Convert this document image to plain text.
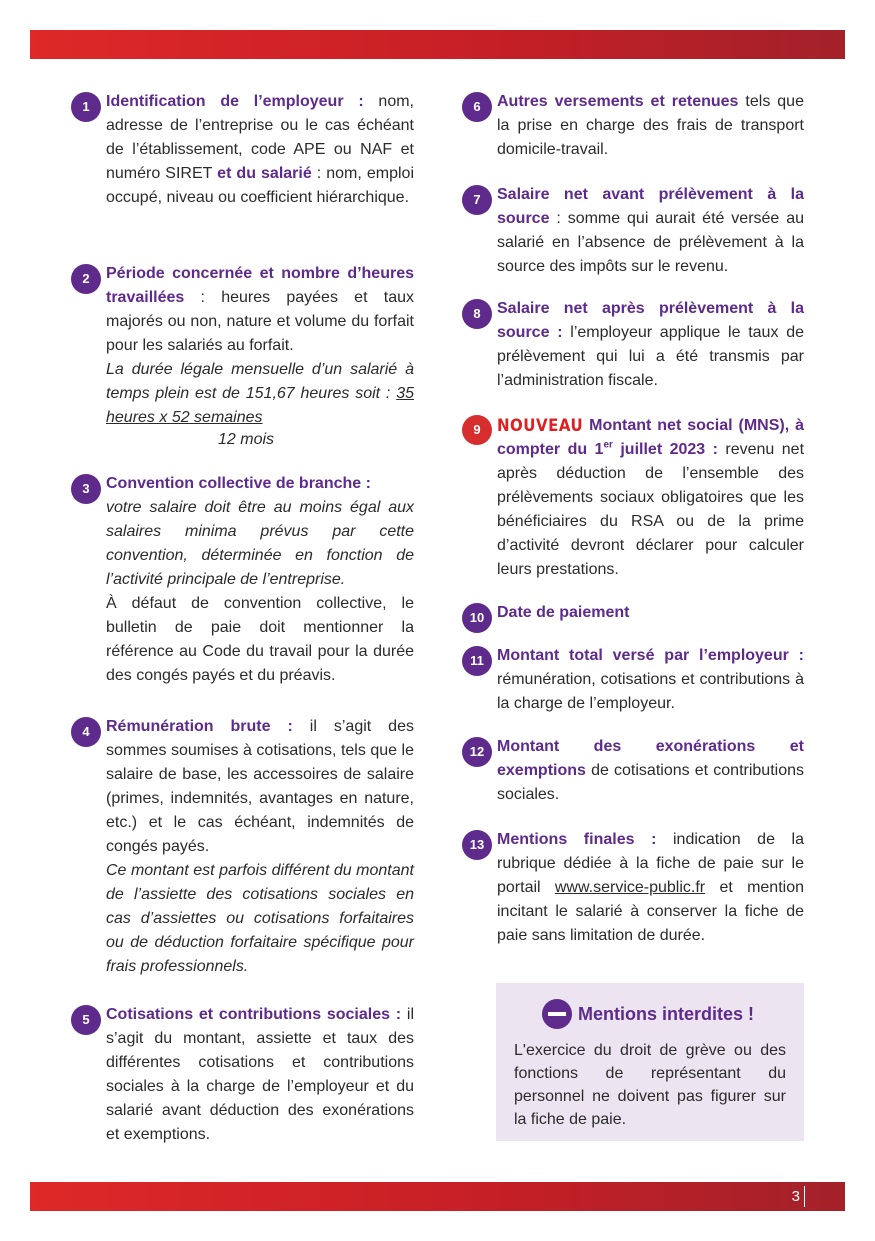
1	Identification de l’employeur : nom, adresse de l’entreprise ou le cas échéant de l’établissement, code APE ou NAF et numéro SIRET et du salarié : nom, emploi occupé, niveau ou coefficient hiérarchique.
2	Période concernée et nombre d’heures travaillées : heures payées et taux majorés ou non, nature et volume du forfait pour les salariés au forfait.
La durée légale mensuelle d’un salarié à temps plein est de 151,67 heures soit : 35 heures x 52 semaines
12 mois
3	Convention collective de branche :
votre salaire doit être au moins égal aux salaires minima prévus par cette convention, déterminée en fonction de l’activité principale de l’entreprise.
À défaut de convention collective, le bulletin de paie doit mentionner la référence au Code du travail pour la durée des congés payés et du préavis.
4	Rémunération brute : il s’agit des sommes soumises à cotisations, tels que le salaire de base, les accessoires de salaire (primes, indemnités, avantages en nature, etc.) et le cas échéant, indemnités de congés payés.
Ce montant est parfois différent du montant de l’assiette des cotisations sociales en cas d’assiettes ou cotisations forfaitaires ou de déduction forfaitaire spécifique pour frais professionnels.
5	Cotisations et contributions sociales : il s’agit du montant, assiette et taux des différentes cotisations et contributions sociales à la charge de l’employeur et du salarié avant déduction des exonérations et exemptions.
6	Autres versements et retenues tels que la prise en charge des frais de transport domicile-travail.
7	Salaire net avant prélèvement à la source : somme qui aurait été versée au salarié en l’absence de prélèvement à la source des impôts sur le revenu.
8	Salaire net après prélèvement à la source : l’employeur applique le taux de prélèvement qui lui a été transmis par l’administration fiscale.
9	NOUVEAU Montant net social (MNS), à compter du 1er juillet 2023 : revenu net après déduction de l’ensemble des prélèvements sociaux obligatoires que les bénéficiaires du RSA ou de la prime d’activité devront déclarer pour calculer leurs prestations.
10 Date de paiement
11 Montant total versé par l’employeur : rémunération, cotisations et contributions à la charge de l’employeur.
12 Montant des exonérations et exemptions de cotisations et contributions sociales.
13 Mentions finales : indication de la rubrique dédiée à la fiche de paie sur le portail www.service-public.fr et mention incitant le salarié à conserver la fiche de paie sans limitation de durée.
Mentions interdites !
L'exercice du droit de grève ou des fonctions de représentant du personnel ne doivent pas figurer sur la fiche de paie.
3
